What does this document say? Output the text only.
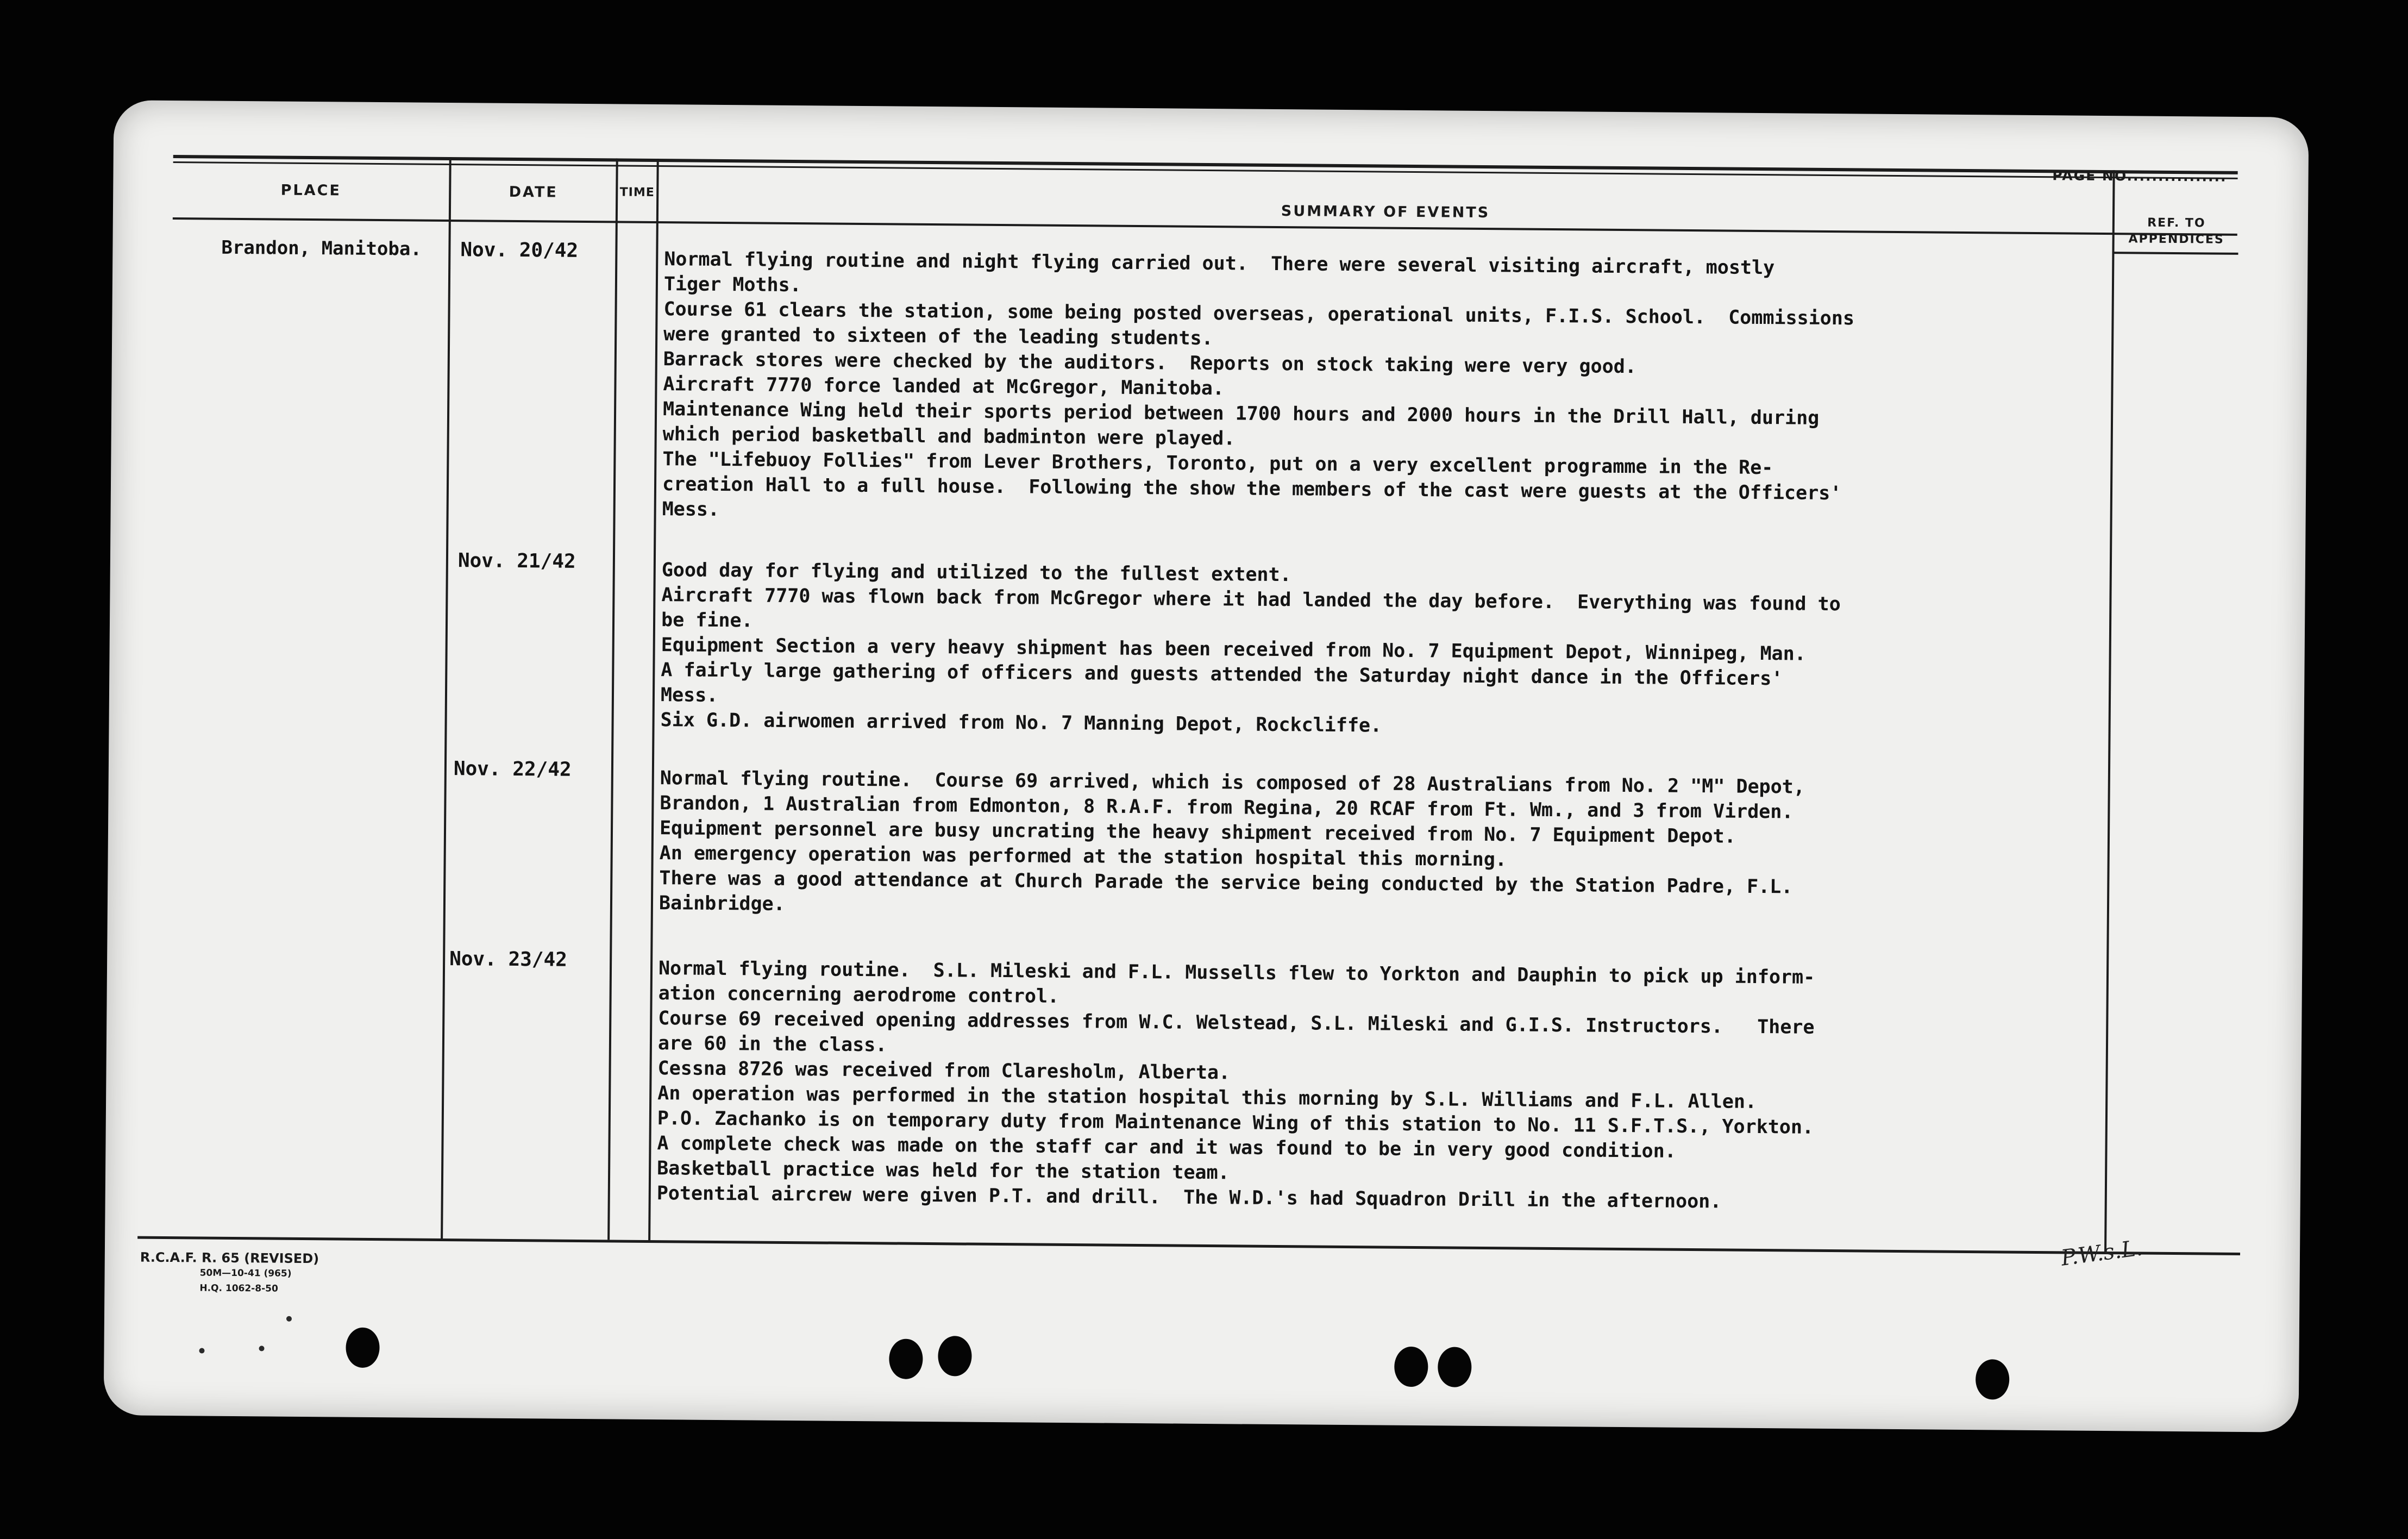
PLACE	DATE	TIME
SUMMARY OF EVENTS
PAGE NO................
REF. TO
APPENDICES
Brandon, Manitoba. Nov. 20/42
Nov. 21/42
Nov. 22/42
Nov. 23/42

Normal flying routine and night flying carried out.  There were several visiting aircraft, mostly

Tiger Moths.

Course 61 clears the station, some being posted overseas, operational units, F.I.S. School.  Commissions

were granted to sixteen of the leading students.

Barrack stores were checked by the auditors.  Reports on stock taking were very good.

Aircraft 7770 force landed at McGregor, Manitoba.

Maintenance Wing held their sports period between 1700 hours and 2000 hours in the Drill Hall, during

which period basketball and badminton were played.

The "Lifebuoy Follies" from Lever Brothers, Toronto, put on a very excellent programme in the Re-

creation Hall to a full house.  Following the show the members of the cast were guests at the Officers'

Mess.

Good day for flying and utilized to the fullest extent.

Aircraft 7770 was flown back from McGregor where it had landed the day before.  Everything was found to

be fine.

Equipment Section a very heavy shipment has been received from No. 7 Equipment Depot, Winnipeg, Man.

A fairly large gathering of officers and guests attended the Saturday night dance in the Officers'

Mess.

Six G.D. airwomen arrived from No. 7 Manning Depot, Rockcliffe.

Normal flying routine.  Course 69 arrived, which is composed of 28 Australians from No. 2 "M" Depot,

Brandon, 1 Australian from Edmonton, 8 R.A.F. from Regina, 20 RCAF from Ft. Wm., and 3 from Virden.

Equipment personnel are busy uncrating the heavy shipment received from No. 7 Equipment Depot.

An emergency operation was performed at the station hospital this morning.

There was a good attendance at Church Parade the service being conducted by the Station Padre, F.L.

Bainbridge.

Normal flying routine.  S.L. Mileski and F.L. Mussells flew to Yorkton and Dauphin to pick up inform-

ation concerning aerodrome control.

Course 69 received opening addresses from W.C. Welstead, S.L. Mileski and G.I.S. Instructors.   There

are 60 in the class.

Cessna 8726 was received from Claresholm, Alberta.

An operation was performed in the station hospital this morning by S.L. Williams and F.L. Allen.

P.O. Zachanko is on temporary duty from Maintenance Wing of this station to No. 11 S.F.T.S., Yorkton.

A complete check was made on the staff car and it was found to be in very good condition.

Basketball practice was held for the station team.

Potential aircrew were given P.T. and drill.  The W.D.'s had Squadron Drill in the afternoon.

R.C.A.F. R. 65 (REVISED)
50M—10-41 (965)
H.Q. 1062-8-50
P.W.s.L.
